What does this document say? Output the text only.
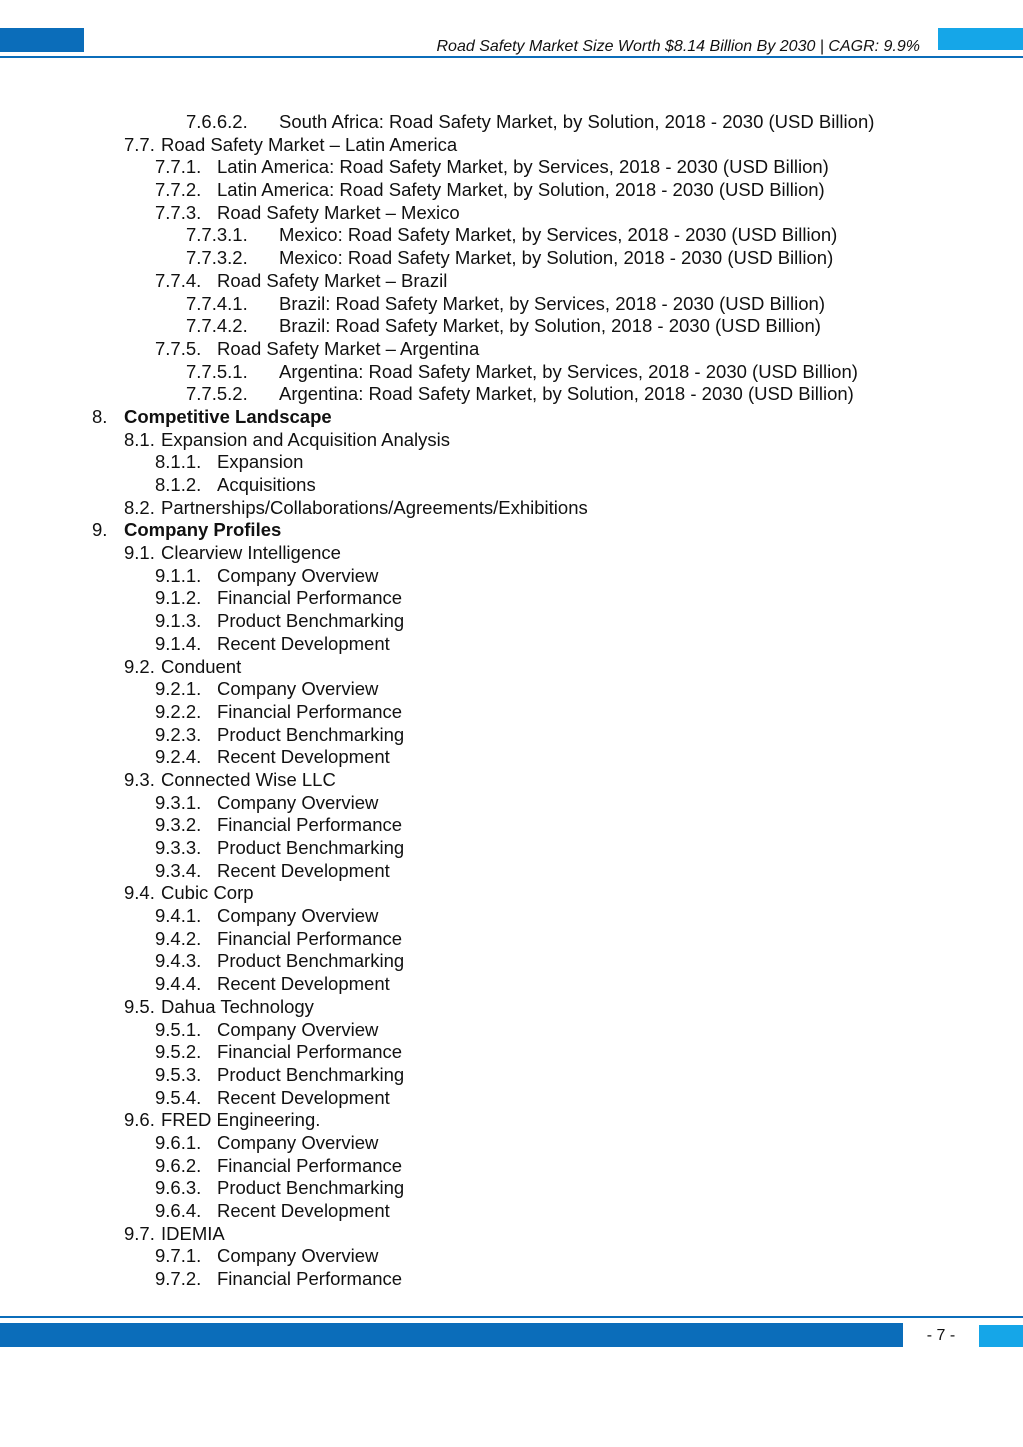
Road Safety Market Size Worth $8.14 Billion By 2030 | CAGR: 9.9%
7.6.6.2. South Africa: Road Safety Market, by Solution, 2018 - 2030 (USD Billion)
7.7. Road Safety Market – Latin America
7.7.1. Latin America: Road Safety Market, by Services, 2018 - 2030 (USD Billion)
7.7.2. Latin America: Road Safety Market, by Solution, 2018 - 2030 (USD Billion)
7.7.3. Road Safety Market – Mexico
7.7.3.1. Mexico: Road Safety Market, by Services, 2018 - 2030 (USD Billion)
7.7.3.2. Mexico: Road Safety Market, by Solution, 2018 - 2030 (USD Billion)
7.7.4. Road Safety Market – Brazil
7.7.4.1. Brazil: Road Safety Market, by Services, 2018 - 2030 (USD Billion)
7.7.4.2. Brazil: Road Safety Market, by Solution, 2018 - 2030 (USD Billion)
7.7.5. Road Safety Market – Argentina
7.7.5.1. Argentina: Road Safety Market, by Services, 2018 - 2030 (USD Billion)
7.7.5.2. Argentina: Road Safety Market, by Solution, 2018 - 2030 (USD Billion)
8. Competitive Landscape
8.1. Expansion and Acquisition Analysis
8.1.1. Expansion
8.1.2. Acquisitions
8.2. Partnerships/Collaborations/Agreements/Exhibitions
9. Company Profiles
9.1. Clearview Intelligence
9.1.1. Company Overview
9.1.2. Financial Performance
9.1.3. Product Benchmarking
9.1.4. Recent Development
9.2. Conduent
9.2.1. Company Overview
9.2.2. Financial Performance
9.2.3. Product Benchmarking
9.2.4. Recent Development
9.3. Connected Wise LLC
9.3.1. Company Overview
9.3.2. Financial Performance
9.3.3. Product Benchmarking
9.3.4. Recent Development
9.4. Cubic Corp
9.4.1. Company Overview
9.4.2. Financial Performance
9.4.3. Product Benchmarking
9.4.4. Recent Development
9.5. Dahua Technology
9.5.1. Company Overview
9.5.2. Financial Performance
9.5.3. Product Benchmarking
9.5.4. Recent Development
9.6. FRED Engineering.
9.6.1. Company Overview
9.6.2. Financial Performance
9.6.3. Product Benchmarking
9.6.4. Recent Development
9.7. IDEMIA
9.7.1. Company Overview
9.7.2. Financial Performance
- 7 -
